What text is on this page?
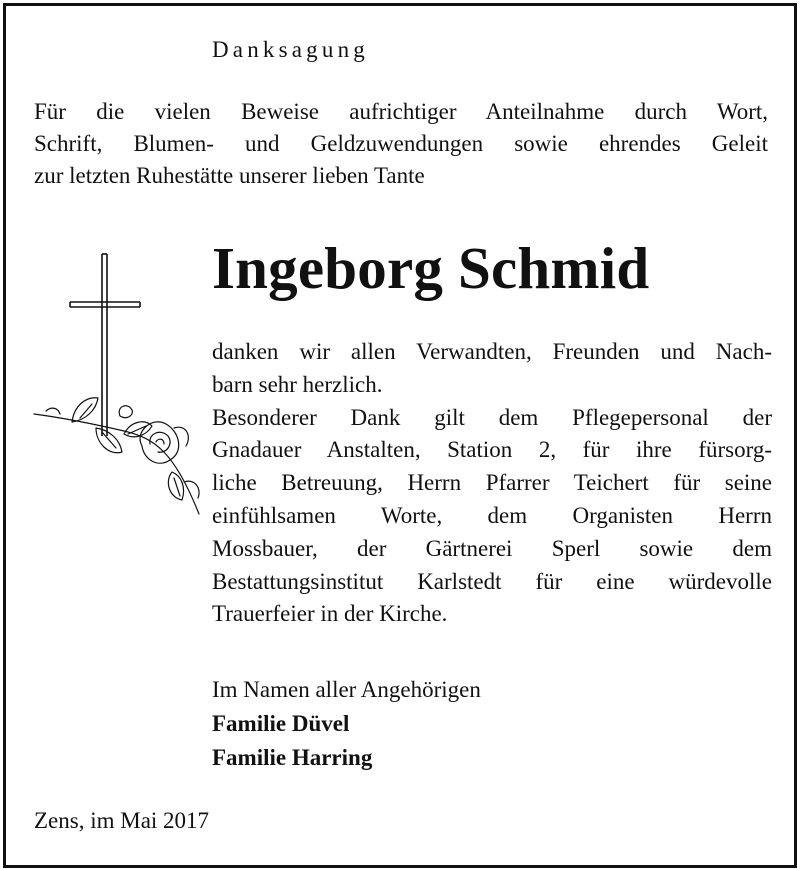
Danksagung
Für die vielen Beweise aufrichtiger Anteilnahme durch Wort,
Schrift, Blumen- und Geldzuwendungen sowie ehrendes Geleit
zur letzten Ruhestätte unserer lieben Tante
Ingeborg Schmid
danken wir allen Verwandten, Freunden und Nach-
barn sehr herzlich.
Besonderer Dank gilt dem Pflegepersonal der
Gnadauer Anstalten, Station 2, für ihre fürsorg-
liche Betreuung, Herrn Pfarrer Teichert für seine
einfühlsamen Worte, dem Organisten Herrn
Mossbauer, der Gärtnerei Sperl sowie dem
Bestattungsinstitut Karlstedt für eine würdevolle
Trauerfeier in der Kirche.
Im Namen aller Angehörigen
Familie Düvel
Familie Harring
Zens, im Mai 2017
